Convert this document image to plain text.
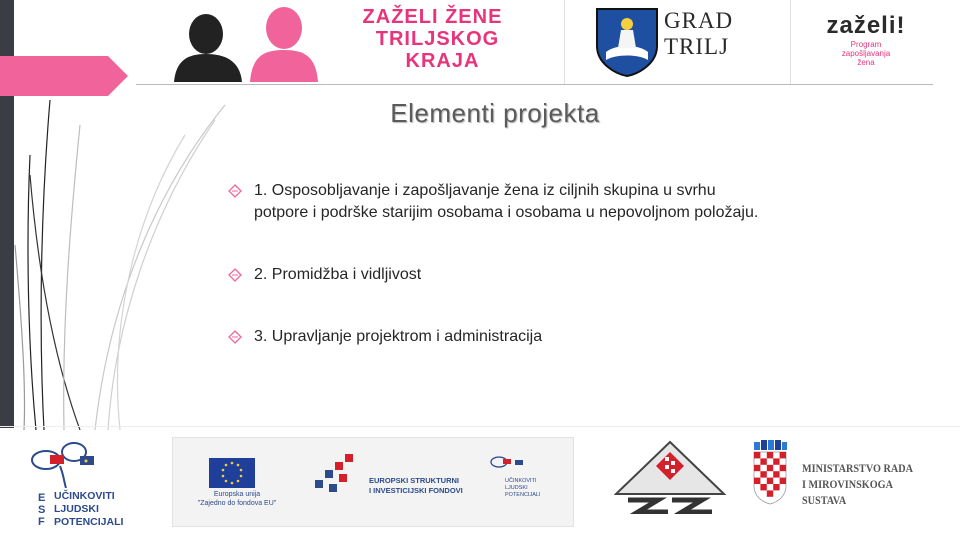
ZAŽELI ŽENE
TRILJSKOG
KRAJA
GRAD
TRILJ
zaželi!
Program
zapošljavanja
žena
Elementi projekta
1. Osposobljavanje i zapošljavanje žena iz ciljnih skupina u svrhu
potpore i podrške starijim osobama i osobama u nepovoljnom položaju.
2. Promidžba i vidljivost
3. Upravljanje projektrom i administracija
ESF
UČINKOVITI
LJUDSKI
POTENCIJALI
Europska unija
"Zajedno do fondova EU"
EUROPSKI STRUKTURNI
I INVESTICIJSKI FONDOVI
UČINKOVITI
LJUDSKI
POTENCIJALI
MINISTARSTVO RADA
I MIROVINSKOGA SUSTAVA
